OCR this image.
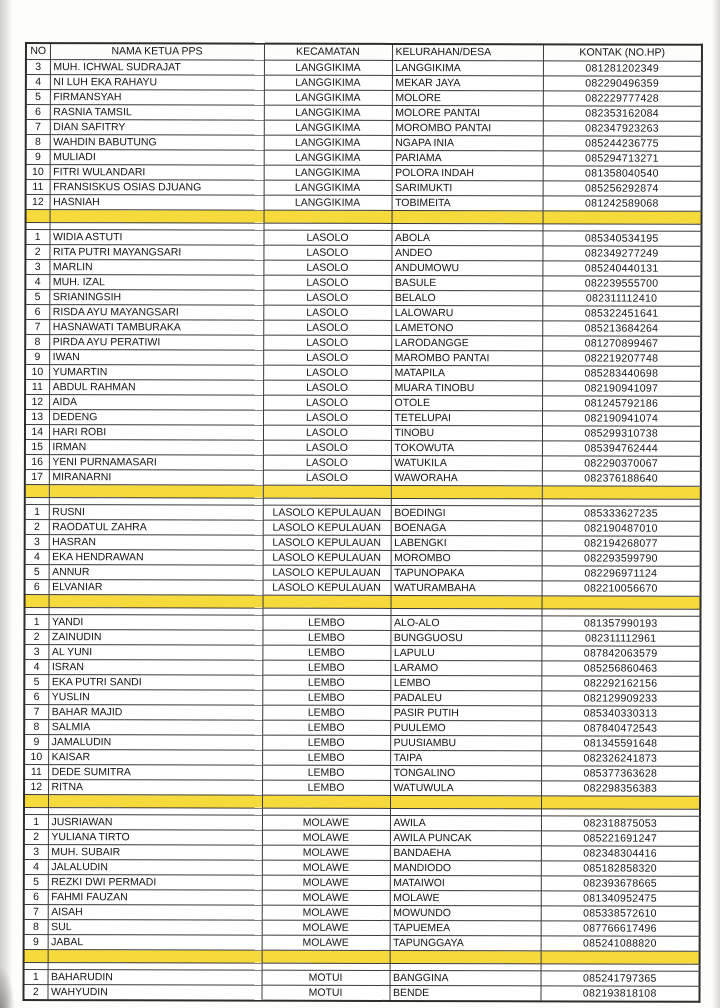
NO	NAMA KETUA PPS	KECAMATAN	KELURAHAN/DESA	KONTAK (NO.HP)
3	MUH. ICHWAL SUDRAJAT	LANGGIKIMA	LANGGIKIMA	081281202349
4	NI LUH EKA RAHAYU	LANGGIKIMA	MEKAR JAYA	082290496359
5	FIRMANSYAH	LANGGIKIMA	MOLORE	082229777428
6	RASNIA TAMSIL	LANGGIKIMA	MOLORE PANTAI	082353162084
7	DIAN SAFITRY	LANGGIKIMA	MOROMBO PANTAI	082347923263
8	WAHDIN BABUTUNG	LANGGIKIMA	NGAPA INIA	085244236775
9	MULIADI	LANGGIKIMA	PARIAMA	085294713271
10	FITRI WULANDARI	LANGGIKIMA	POLORA INDAH	081358040540
11	FRANSISKUS OSIAS DJUANG	LANGGIKIMA	SARIMUKTI	085256292874
12	HASNIAH	LANGGIKIMA	TOBIMEITA	081242589068

1	WIDIA ASTUTI	LASOLO	ABOLA	085340534195
2	RITA PUTRI MAYANGSARI	LASOLO	ANDEO	082349277249
3	MARLIN	LASOLO	ANDUMOWU	085240440131
4	MUH. IZAL	LASOLO	BASULE	082239555700
5	SRIANINGSIH	LASOLO	BELALO	082311112410
6	RISDA AYU MAYANGSARI	LASOLO	LALOWARU	085322451641
7	HASNAWATI TAMBURAKA	LASOLO	LAMETONO	085213684264
8	PIRDA AYU PERATIWI	LASOLO	LARODANGGE	081270899467
9	IWAN	LASOLO	MAROMBO PANTAI	082219207748
10	YUMARTIN	LASOLO	MATAPILA	085283440698
11	ABDUL RAHMAN	LASOLO	MUARA TINOBU	082190941097
12	AIDA	LASOLO	OTOLE	081245792186
13	DEDENG	LASOLO	TETELUPAI	082190941074
14	HARI ROBI	LASOLO	TINOBU	085299310738
15	IRMAN	LASOLO	TOKOWUTA	085394762444
16	YENI PURNAMASARI	LASOLO	WATUKILA	082290370067
17	MIRANARNI	LASOLO	WAWORAHA	082376188640

1	RUSNI	LASOLO KEPULAUAN	BOEDINGI	085333627235
2	RAODATUL ZAHRA	LASOLO KEPULAUAN	BOENAGA	082190487010
3	HASRAN	LASOLO KEPULAUAN	LABENGKI	082194268077
4	EKA HENDRAWAN	LASOLO KEPULAUAN	MOROMBO	082293599790
5	ANNUR	LASOLO KEPULAUAN	TAPUNOPAKA	082296971124
6	ELVANIAR	LASOLO KEPULAUAN	WATURAMBAHA	082210056670

1	YANDI	LEMBO	ALO-ALO	081357990193
2	ZAINUDIN	LEMBO	BUNGGUOSU	082311112961
3	AL YUNI	LEMBO	LAPULU	087842063579
4	ISRAN	LEMBO	LARAMO	085256860463
5	EKA PUTRI SANDI	LEMBO	LEMBO	082292162156
6	YUSLIN	LEMBO	PADALEU	082129909233
7	BAHAR MAJID	LEMBO	PASIR PUTIH	085340330313
8	SALMIA	LEMBO	PUULEMO	087840472543
9	JAMALUDIN	LEMBO	PUUSIAMBU	081345591648
10	KAISAR	LEMBO	TAIPA	082326241873
11	DEDE SUMITRA	LEMBO	TONGALINO	085377363628
12	RITNA	LEMBO	WATUWULA	082298356383

1	JUSRIAWAN	MOLAWE	AWILA	082318875053
2	YULIANA TIRTO	MOLAWE	AWILA PUNCAK	085221691247
3	MUH. SUBAIR	MOLAWE	BANDAEHA	082348304416
4	JALALUDIN	MOLAWE	MANDIODO	085182858320
5	REZKI DWI PERMADI	MOLAWE	MATAIWOI	082393678665
6	FAHMI FAUZAN	MOLAWE	MOLAWE	081340952475
7	AISAH	MOLAWE	MOWUNDO	085338572610
8	SUL	MOLAWE	TAPUEMEA	087766617496
9	JABAL	MOLAWE	TAPUNGGAYA	085241088820

1	BAHARUDIN	MOTUI	BANGGINA	085241797365
2	WAHYUDIN	MOTUI	BENDE	082193818108
